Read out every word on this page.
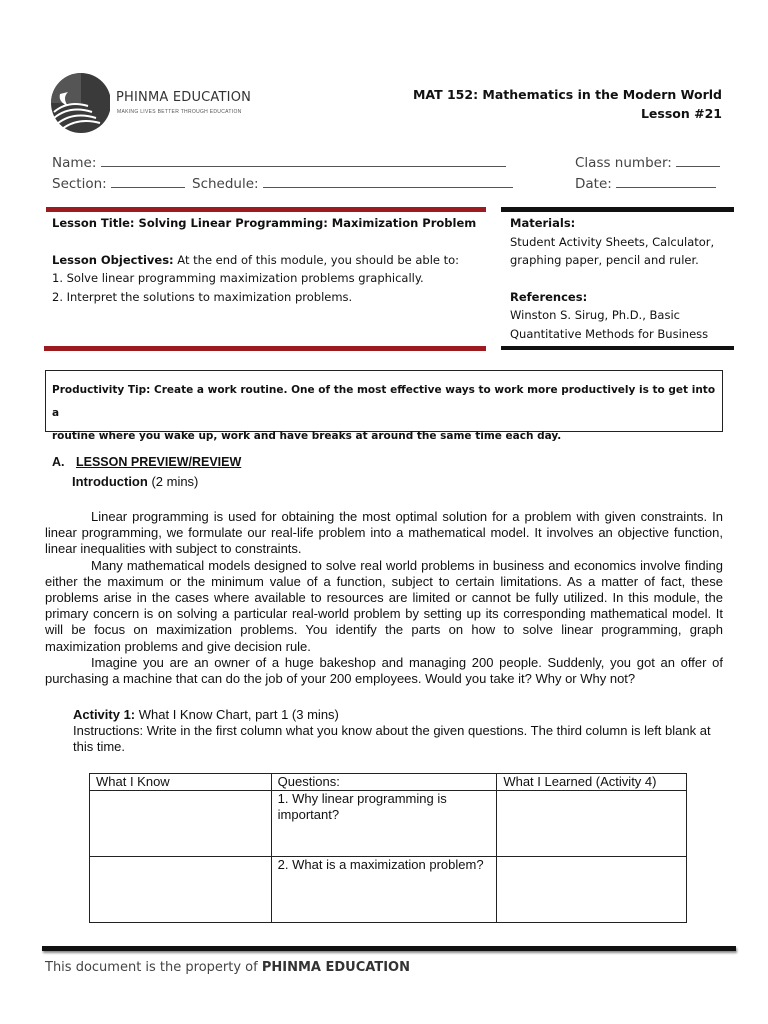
PHINMA EDUCATION
MAKING LIVES BETTER THROUGH EDUCATION
MAT 152: Mathematics in the Modern World
Lesson #21
Name:	Class number:
Section:	Schedule:	Date:
Lesson Title: Solving Linear Programming: Maximization Problem
Lesson Objectives: At the end of this module, you should be able to:
1. Solve linear programming maximization problems graphically.
2. Interpret the solutions to maximization problems.
Materials:
Student Activity Sheets, Calculator,
graphing paper, pencil and ruler.
References:
Winston S. Sirug, Ph.D., Basic
Quantitative Methods for Business
Productivity Tip: Create a work routine. One of the most effective ways to work more productively is to get into a
routine where you wake up, work and have breaks at around the same time each day.
A. LESSON PREVIEW/REVIEW
Introduction (2 mins)

Linear programming is used for obtaining the most optimal solution for a problem with given constraints. In linear programming, we formulate our real-life problem into a mathematical model. It involves an objective function, linear inequalities with subject to constraints.

Many mathematical models designed to solve real world problems in business and economics involve finding either the maximum or the minimum value of a function, subject to certain limitations. As a matter of fact, these problems arise in the cases where available to resources are limited or cannot be fully utilized. In this module, the primary concern is on solving a particular real-world problem by setting up its corresponding mathematical model. It will be focus on maximization problems. You identify the parts on how to solve linear programming, graph maximization problems and give decision rule.

Imagine you are an owner of a huge bakeshop and managing 200 people. Suddenly, you got an offer of purchasing a machine that can do the job of your 200 employees. Would you take it? Why or Why not?

Activity 1: What I Know Chart, part 1 (3 mins)
Instructions: Write in the first column what you know about the given questions. The third column is left blank at this time.
What I Know	Questions:	What I Learned (Activity 4)
	1. Why linear programming is important?	
	2. What is a maximization problem?	
This document is the property of PHINMA EDUCATION
